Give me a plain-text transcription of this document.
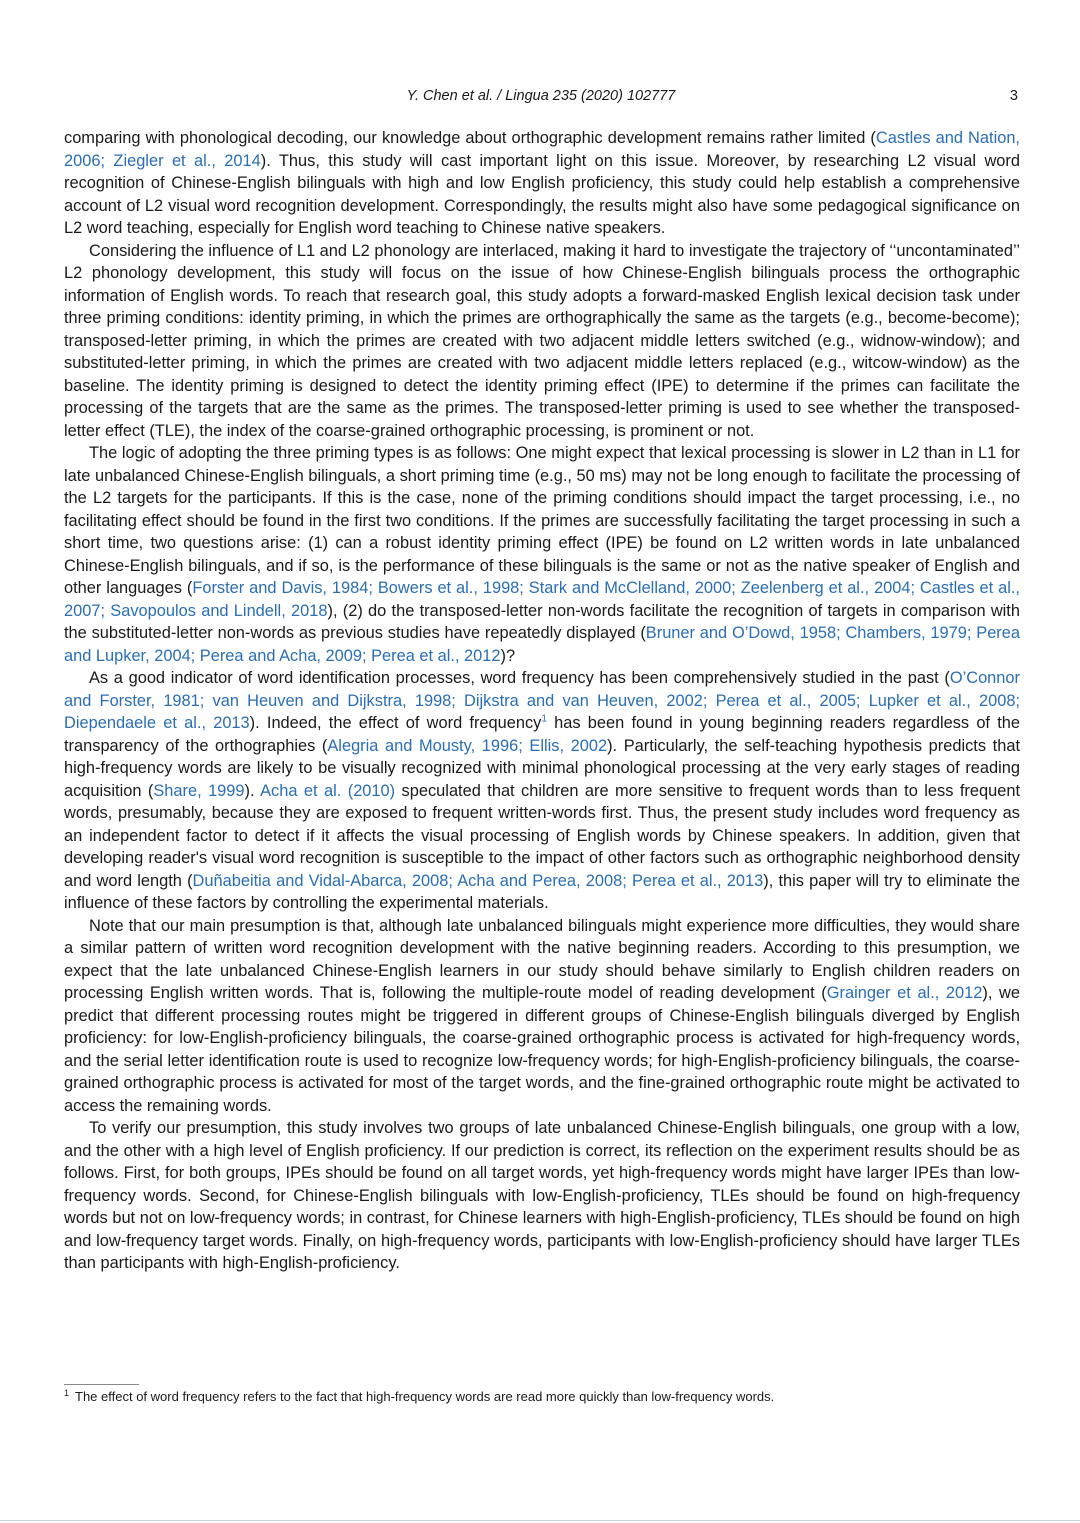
Y. Chen et al. / Lingua 235 (2020) 102777	3

comparing with phonological decoding, our knowledge about orthographic development remains rather limited (Castles and Nation, 2006; Ziegler et al., 2014). Thus, this study will cast important light on this issue. Moreover, by researching L2 visual word recognition of Chinese-English bilinguals with high and low English proficiency, this study could help establish a comprehensive account of L2 visual word recognition development. Correspondingly, the results might also have some pedagogical significance on L2 word teaching, especially for English word teaching to Chinese native speakers.

Considering the influence of L1 and L2 phonology are interlaced, making it hard to investigate the trajectory of ‘‘uncontaminated’’ L2 phonology development, this study will focus on the issue of how Chinese-English bilinguals process the orthographic information of English words. To reach that research goal, this study adopts a forward-masked English lexical decision task under three priming conditions: identity priming, in which the primes are orthographically the same as the targets (e.g., become-become); transposed-letter priming, in which the primes are created with two adjacent middle letters switched (e.g., widnow-window); and substituted-letter priming, in which the primes are created with two adjacent middle letters replaced (e.g., witcow-window) as the baseline. The identity priming is designed to detect the identity priming effect (IPE) to determine if the primes can facilitate the processing of the targets that are the same as the primes. The transposed-letter priming is used to see whether the transposed-letter effect (TLE), the index of the coarse-grained orthographic processing, is prominent or not.

The logic of adopting the three priming types is as follows: One might expect that lexical processing is slower in L2 than in L1 for late unbalanced Chinese-English bilinguals, a short priming time (e.g., 50 ms) may not be long enough to facilitate the processing of the L2 targets for the participants. If this is the case, none of the priming conditions should impact the target processing, i.e., no facilitating effect should be found in the first two conditions. If the primes are successfully facilitating the target processing in such a short time, two questions arise: (1) can a robust identity priming effect (IPE) be found on L2 written words in late unbalanced Chinese-English bilinguals, and if so, is the performance of these bilinguals is the same or not as the native speaker of English and other languages (Forster and Davis, 1984; Bowers et al., 1998; Stark and McClelland, 2000; Zeelenberg et al., 2004; Castles et al., 2007; Savopoulos and Lindell, 2018), (2) do the transposed-letter non-words facilitate the recognition of targets in comparison with the substituted-letter non-words as previous studies have repeatedly displayed (Bruner and O’Dowd, 1958; Chambers, 1979; Perea and Lupker, 2004; Perea and Acha, 2009; Perea et al., 2012)?

As a good indicator of word identification processes, word frequency has been comprehensively studied in the past (O’Connor and Forster, 1981; van Heuven and Dijkstra, 1998; Dijkstra and van Heuven, 2002; Perea et al., 2005; Lupker et al., 2008; Diependaele et al., 2013). Indeed, the effect of word frequency$^1$ has been found in young beginning readers regardless of the transparency of the orthographies (Alegria and Mousty, 1996; Ellis, 2002). Particularly, the self-teaching hypothesis predicts that high-frequency words are likely to be visually recognized with minimal phonological processing at the very early stages of reading acquisition (Share, 1999). Acha et al. (2010) speculated that children are more sensitive to frequent words than to less frequent words, presumably, because they are exposed to frequent written-words first. Thus, the present study includes word frequency as an independent factor to detect if it affects the visual processing of English words by Chinese speakers. In addition, given that developing reader's visual word recognition is susceptible to the impact of other factors such as orthographic neighborhood density and word length (Duñabeitia and Vidal-Abarca, 2008; Acha and Perea, 2008; Perea et al., 2013), this paper will try to eliminate the influence of these factors by controlling the experimental materials.

Note that our main presumption is that, although late unbalanced bilinguals might experience more difficulties, they would share a similar pattern of written word recognition development with the native beginning readers. According to this presumption, we expect that the late unbalanced Chinese-English learners in our study should behave similarly to English children readers on processing English written words. That is, following the multiple-route model of reading development (Grainger et al., 2012), we predict that different processing routes might be triggered in different groups of Chinese-English bilinguals diverged by English proficiency: for low-English-proficiency bilinguals, the coarse-grained orthographic process is activated for high-frequency words, and the serial letter identification route is used to recognize low-frequency words; for high-English-proficiency bilinguals, the coarse-grained orthographic process is activated for most of the target words, and the fine-grained orthographic route might be activated to access the remaining words.

To verify our presumption, this study involves two groups of late unbalanced Chinese-English bilinguals, one group with a low, and the other with a high level of English proficiency. If our prediction is correct, its reflection on the experiment results should be as follows. First, for both groups, IPEs should be found on all target words, yet high-frequency words might have larger IPEs than low-frequency words. Second, for Chinese-English bilinguals with low-English-proficiency, TLEs should be found on high-frequency words but not on low-frequency words; in contrast, for Chinese learners with high-English-proficiency, TLEs should be found on high and low-frequency target words. Finally, on high-frequency words, participants with low-English-proficiency should have larger TLEs than participants with high-English-proficiency.

$^1$ The effect of word frequency refers to the fact that high-frequency words are read more quickly than low-frequency words.
